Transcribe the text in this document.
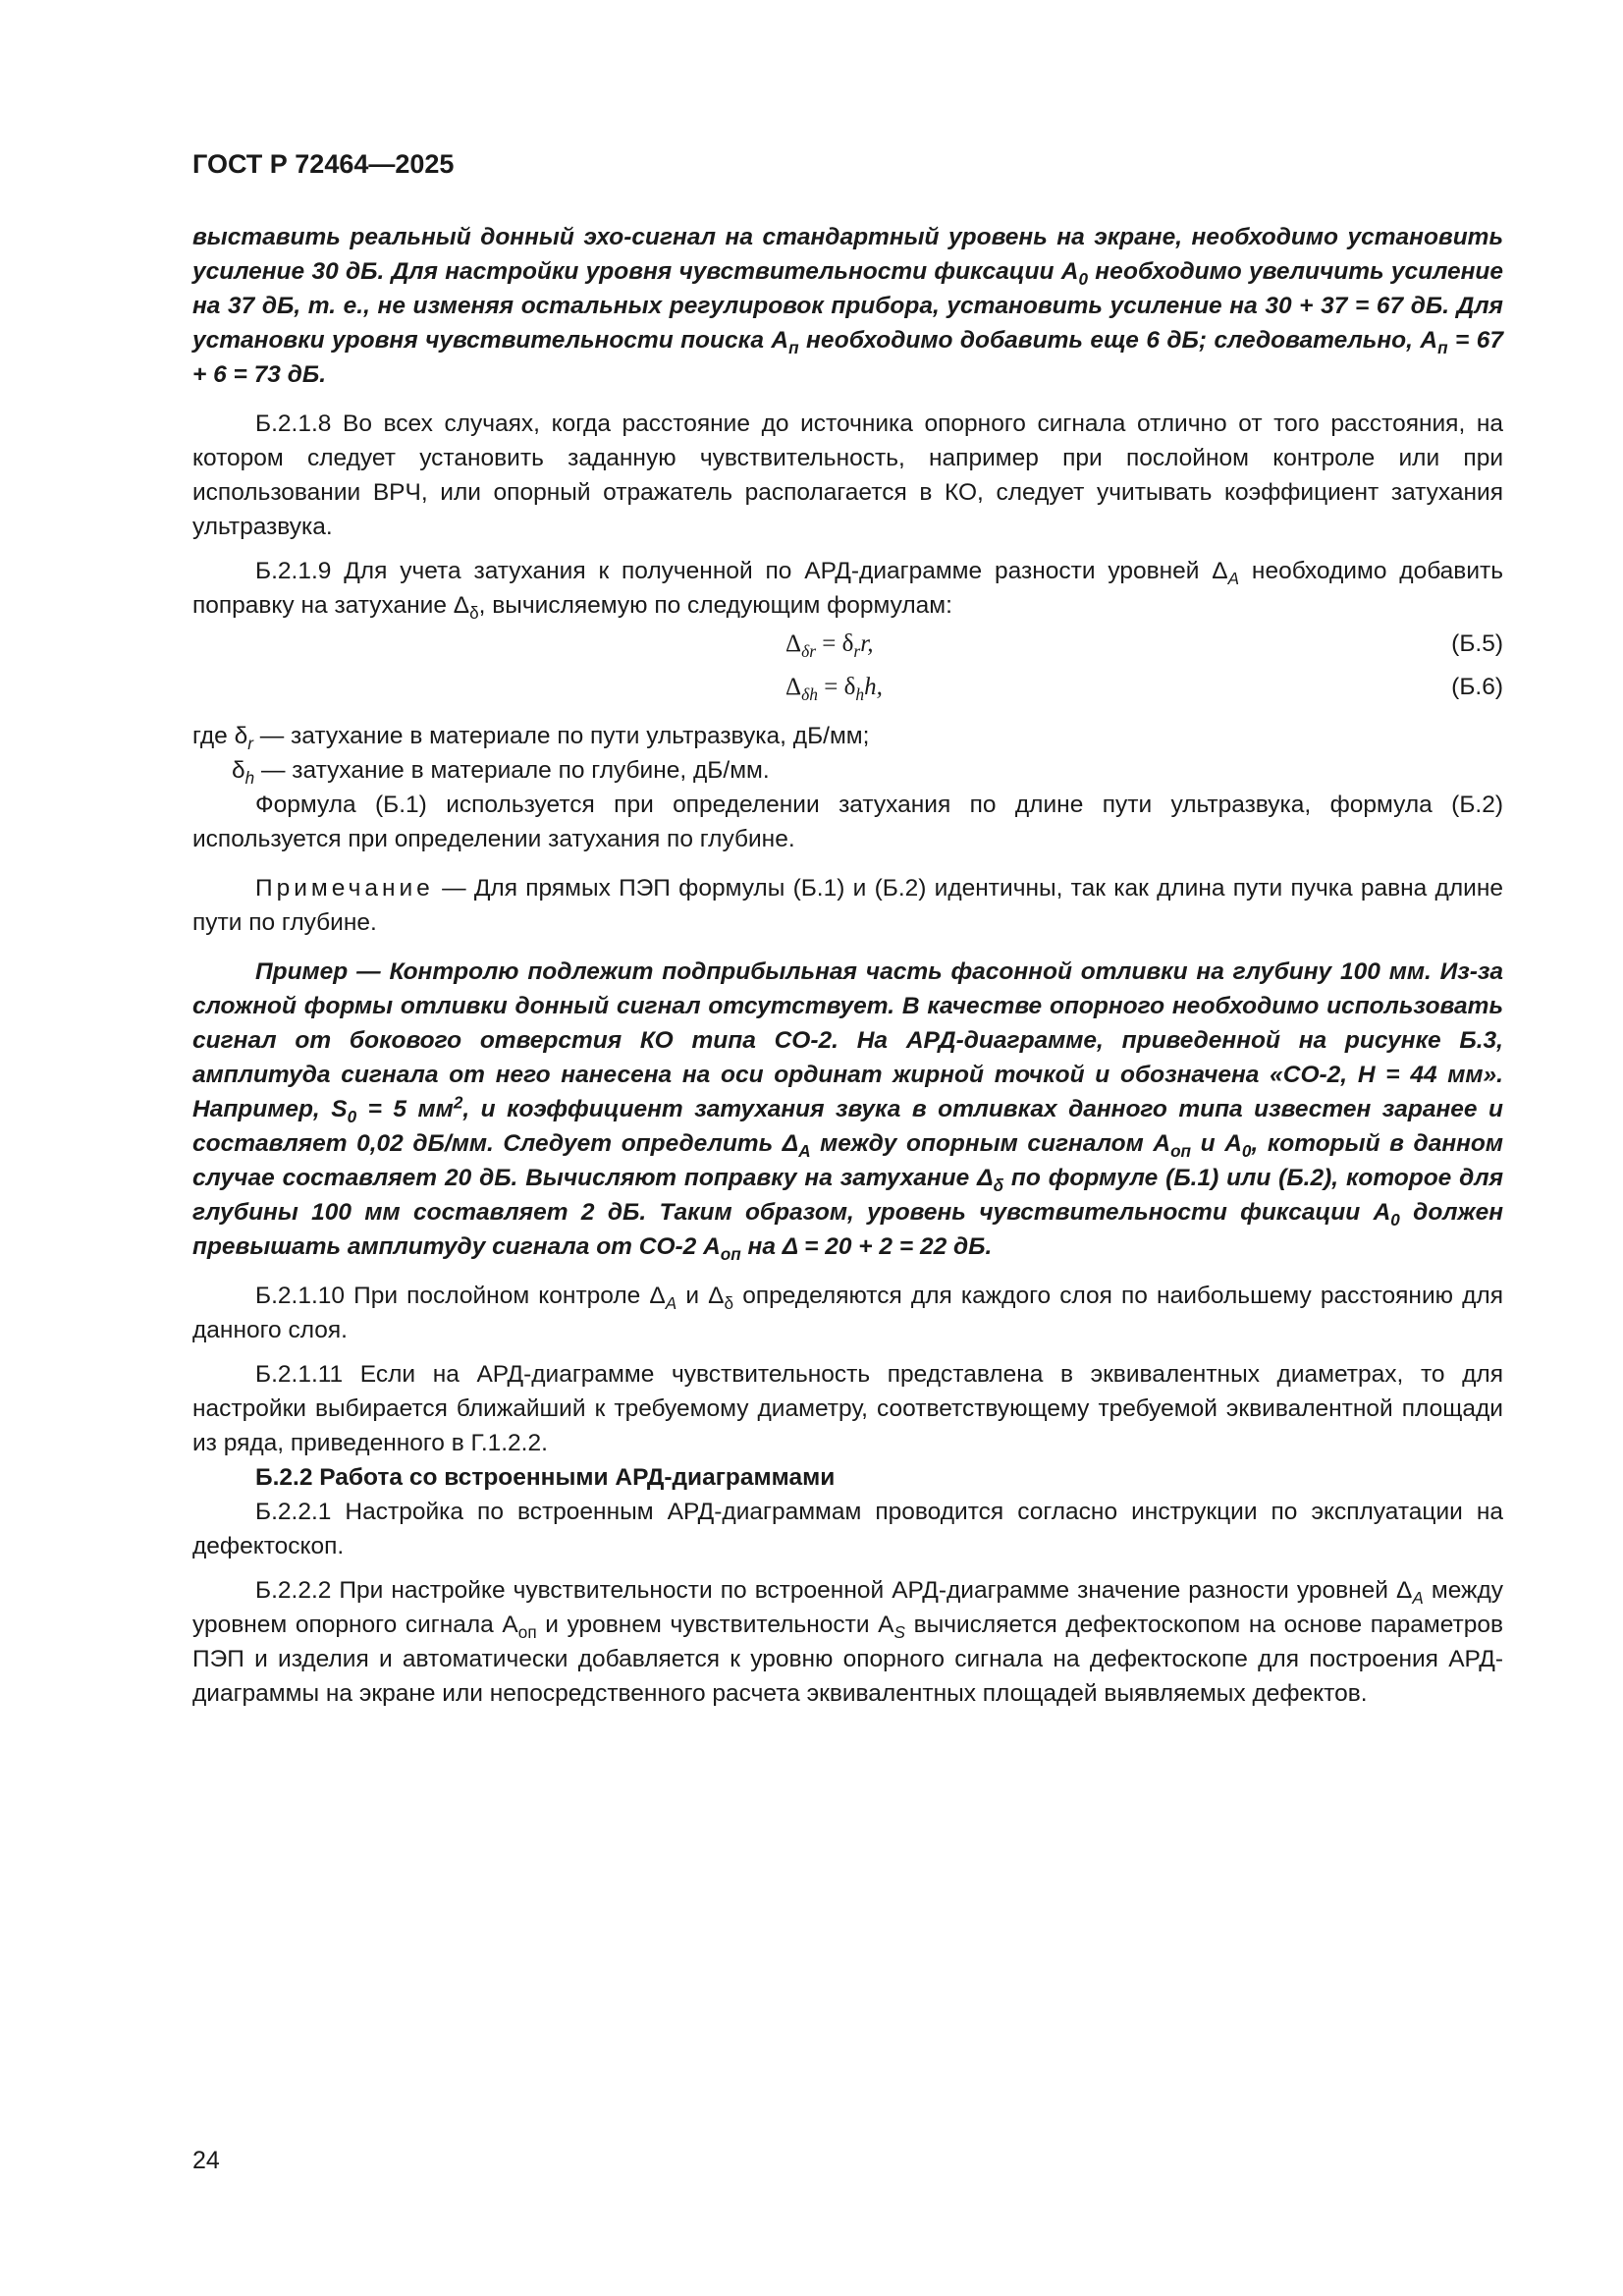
ГОСТ Р 72464—2025

выставить реальный донный эхо-сигнал на стандартный уровень на экране, необходимо установить усиление 30 дБ. Для настройки уровня чувствительности фиксации $A_0$ необходимо увеличить усиление на 37 дБ, т. е., не изменяя остальных регулировок прибора, установить усиление на 30 + 37 = 67 дБ. Для установки уровня чувствительности поиска $A_п$ необходимо добавить еще 6 дБ; следовательно, $A_п = 67 + 6 = 73$ дБ.

Б.2.1.8 Во всех случаях, когда расстояние до источника опорного сигнала отлично от того расстояния, на котором следует установить заданную чувствительность, например при послойном контроле или при использовании ВРЧ, или опорный отражатель располагается в КО, следует учитывать коэффициент затухания ультразвука.

Б.2.1.9 Для учета затухания к полученной по АРД-диаграмме разности уровней $\Delta_A$ необходимо добавить поправку на затухание $\Delta_\delta$, вычисляемую по следующим формулам:

$\Delta_{\delta r} = \delta_rr$,	(Б.5)
$\Delta_{\delta h} = \delta_hh$,	(Б.6)

где $\delta_r$ — затухание в материале по пути ультразвука, дБ/мм;

$\delta_h$ — затухание в материале по глубине, дБ/мм.

Формула (Б.1) используется при определении затухания по длине пути ультразвука, формула (Б.2) используется при определении затухания по глубине.

Примечание — Для прямых ПЭП формулы (Б.1) и (Б.2) идентичны, так как длина пути пучка равна длине пути по глубине.

Пример — Контролю подлежит подприбыльная часть фасонной отливки на глубину 100 мм. Из-за сложной формы отливки донный сигнал отсутствует. В качестве опорного необходимо использовать сигнал от бокового отверстия КО типа СО-2. На АРД-диаграмме, приведенной на рисунке Б.3, амплитуда сигнала от него нанесена на оси ординат жирной точкой и обозначена «СО-2, H = 44 мм». Например, $S_0 = 5$ $мм^2$, и коэффициент затухания звука в отливках данного типа известен заранее и составляет 0,02 дБ/мм. Следует определить $\Delta_A$ между опорным сигналом $A_{оп}$ и $A_0$, который в данном случае составляет 20 дБ. Вычисляют поправку на затухание $\Delta_\delta$ по формуле (Б.1) или (Б.2), которое для глубины 100 мм составляет 2 дБ. Таким образом, уровень чувствительности фиксации $A_0$ должен превышать амплитуду сигнала от СО-2 $A_{оп}$ на Δ = 20 + 2 = 22 дБ.

Б.2.1.10 При послойном контроле $\Delta_A$ и $\Delta_\delta$ определяются для каждого слоя по наибольшему расстоянию для данного слоя.

Б.2.1.11 Если на АРД-диаграмме чувствительность представлена в эквивалентных диаметрах, то для настройки выбирается ближайший к требуемому диаметру, соответствующему требуемой эквивалентной площади из ряда, приведенного в Г.1.2.2.

Б.2.2 Работа со встроенными АРД-диаграммами

Б.2.2.1 Настройка по встроенным АРД-диаграммам проводится согласно инструкции по эксплуатации на дефектоскоп.

Б.2.2.2 При настройке чувствительности по встроенной АРД-диаграмме значение разности уровней $\Delta_A$ между уровнем опорного сигнала $A_{оп}$ и уровнем чувствительности $A_S$ вычисляется дефектоскопом на основе параметров ПЭП и изделия и автоматически добавляется к уровню опорного сигнала на дефектоскопе для построения АРД-диаграммы на экране или непосредственного расчета эквивалентных площадей выявляемых дефектов.

24
